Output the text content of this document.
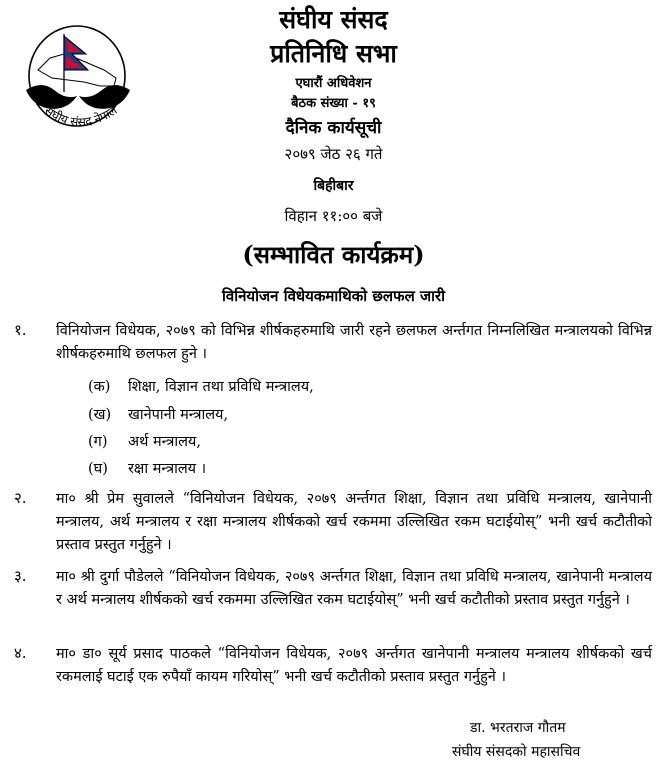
संघीय संसद नेपाल
संघीय संसद
प्रतिनिधि सभा
एघारौं अधिवेशन
बैठक संख्या - १९
दैनिक कार्यसूची
२०७९ जेठ २६ गते
बिहीबार
विहान ११:०० बजे
(सम्भावित कार्यक्रम)
विनियोजन विधेयकमाथिको छलफल जारी
१. विनियोजन विधेयक, २०७९ को विभिन्न शीर्षकहरुमाथि जारी रहने छलफल अर्न्तगत निम्नलिखित मन्त्रालयको विभिन्न शीर्षकहरुमाथि छलफल हुने ।
(क) शिक्षा, विज्ञान तथा प्रविधि मन्त्रालय,
(ख) खानेपानी मन्त्रालय,
(ग) अर्थ मन्त्रालय,
(घ) रक्षा मन्त्रालय ।
२. मा० श्री प्रेम सुवालले “विनियोजन विधेयक, २०७९ अर्न्तगत शिक्षा, विज्ञान तथा प्रविधि मन्त्रालय, खानेपानी मन्त्रालय, अर्थ मन्त्रालय र रक्षा मन्त्रालय शीर्षकको खर्च रकममा उल्लिखित रकम घटाईयोस्” भनी खर्च कटौतीको प्रस्ताव प्रस्तुत गर्नुहुने ।
३. मा० श्री दुर्गा पौडेलले “विनियोजन विधेयक, २०७९ अर्न्तगत शिक्षा, विज्ञान तथा प्रविधि मन्त्रालय, खानेपानी मन्त्रालय र अर्थ मन्त्रालय शीर्षकको खर्च रकममा उल्लिखित रकम घटाईयोस्” भनी खर्च कटौतीको प्रस्ताव प्रस्तुत गर्नुहुने ।
४. मा० डा० सूर्य प्रसाद पाठकले “विनियोजन विधेयक, २०७९ अर्न्तगत खानेपानी मन्त्रालय मन्त्रालय शीर्षकको खर्च रकमलाई घटाई एक रुपैयाँ कायम गरियोस्” भनी खर्च कटौतीको प्रस्ताव प्रस्तुत गर्नुहुने ।
डा. भरतराज गौतम
संघीय संसदको महासचिव
